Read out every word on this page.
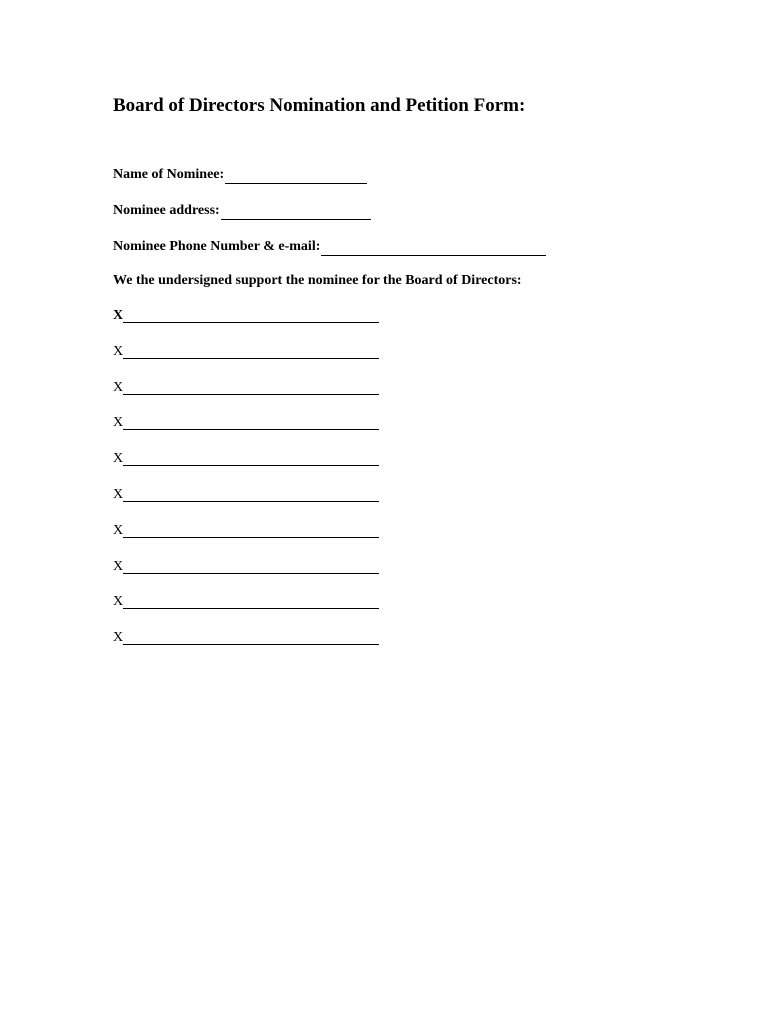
Board of Directors Nomination and Petition Form:
Name of Nominee:
Nominee address:
Nominee Phone Number & e-mail:
We the undersigned support the nominee for the Board of Directors:
X
X
X
X
X
X
X
X
X
X
